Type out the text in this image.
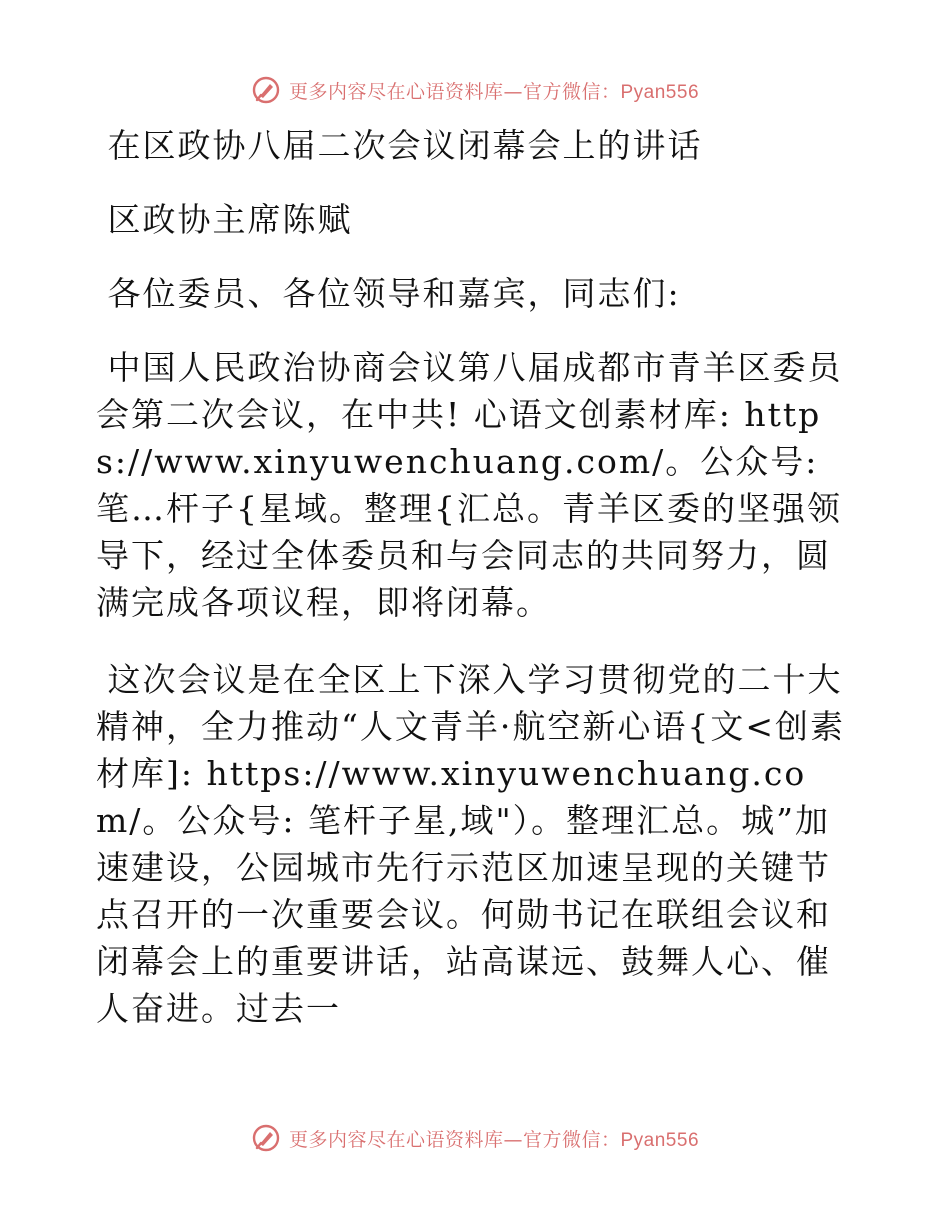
更多内容尽在心语资料库—官方微信：Pyan556

在区政协八届二次会议闭幕会上的讲话

区政协主席陈赋

各位委员、各位领导和嘉宾，同志们:

中国人民政治协商会议第八届成都市青羊区委员会第二次会议，在中共! 心语文创素材库: https://www.xinyuwenchuang.com/。公众号: 笔…杆子{星域。整理{汇总。青羊区委的坚强领导下，经过全体委员和与会同志的共同努力，圆满完成各项议程，即将闭幕。

这次会议是在全区上下深入学习贯彻党的二十大精神，全力推动“人文青羊·航空新心语{文<创素材库]: https://www.xinyuwenchuang.com/。公众号: 笔杆子星,域"）。整理汇总。城”加速建设，公园城市先行示范区加速呈现的关键节点召开的一次重要会议。何勋书记在联组会议和闭幕会上的重要讲话，站高谋远、鼓舞人心、催人奋进。过去一

更多内容尽在心语资料库—官方微信：Pyan556
